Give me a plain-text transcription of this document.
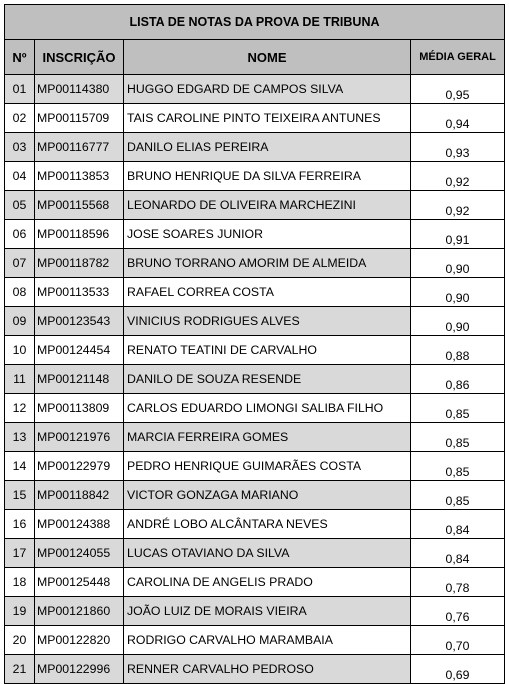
LISTA DE NOTAS DA PROVA DE TRIBUNA			
Nº	INSCRIÇÃO	NOME	MÉDIA GERAL
01	MP00114380	HUGGO EDGARD DE CAMPOS SILVA	0,95
02	MP00115709	TAIS CAROLINE PINTO TEIXEIRA ANTUNES	0,94
03	MP00116777	DANILO ELIAS PEREIRA	0,93
04	MP00113853	BRUNO HENRIQUE DA SILVA FERREIRA	0,92
05	MP00115568	LEONARDO DE OLIVEIRA MARCHEZINI	0,92
06	MP00118596	JOSE SOARES JUNIOR	0,91
07	MP00118782	BRUNO TORRANO AMORIM DE ALMEIDA	0,90
08	MP00113533	RAFAEL CORREA COSTA	0,90
09	MP00123543	VINICIUS RODRIGUES ALVES	0,90
10	MP00124454	RENATO TEATINI DE CARVALHO	0,88
11	MP00121148	DANILO DE SOUZA RESENDE	0,86
12	MP00113809	CARLOS EDUARDO LIMONGI SALIBA FILHO	0,85
13	MP00121976	MARCIA FERREIRA GOMES	0,85
14	MP00122979	PEDRO HENRIQUE GUIMARÃES COSTA	0,85
15	MP00118842	VICTOR GONZAGA MARIANO	0,85
16	MP00124388	ANDRÉ LOBO ALCÂNTARA NEVES	0,84
17	MP00124055	LUCAS OTAVIANO DA SILVA	0,84
18	MP00125448	CAROLINA DE ANGELIS PRADO	0,78
19	MP00121860	JOÃO LUIZ DE MORAIS VIEIRA	0,76
20	MP00122820	RODRIGO CARVALHO MARAMBAIA	0,70
21	MP00122996	RENNER CARVALHO PEDROSO	0,69
